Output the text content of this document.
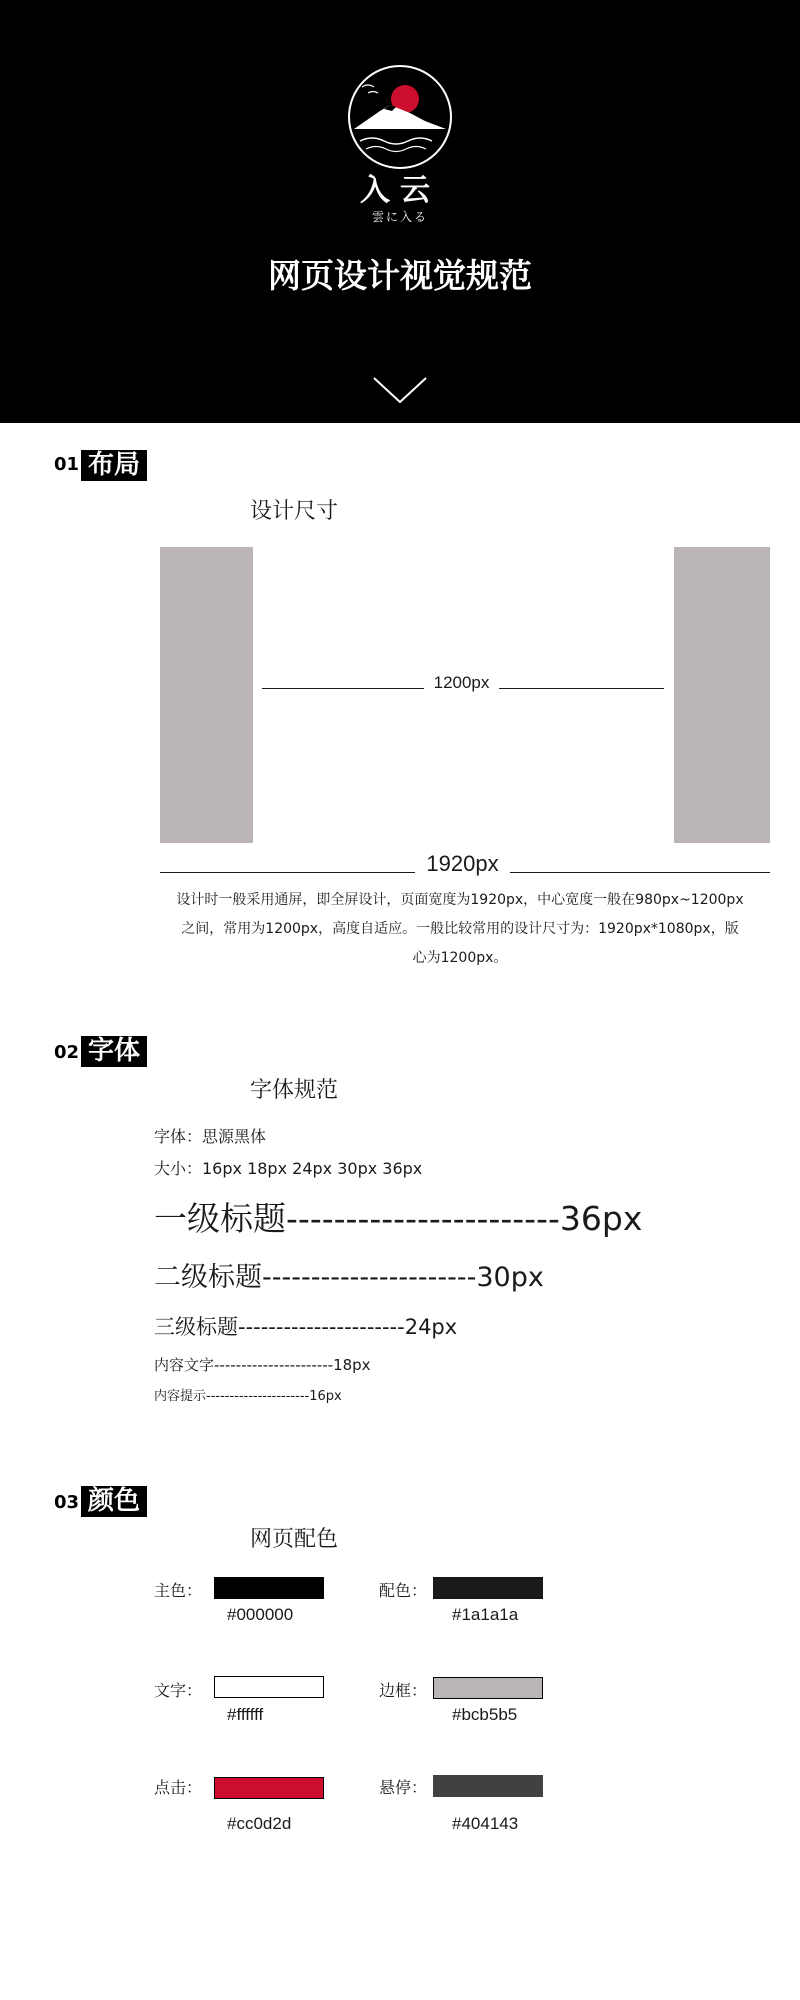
入云
雲に入る
网页设计视觉规范
01 布局
设计尺寸
1200px
1920px
设计时一般采用通屏，即全屏设计，页面宽度为1920px，中心宽度一般在980px~1200px
之间，常用为1200px，高度自适应。一般比较常用的设计尺寸为：1920px*1080px，版
心为1200px。
02 字体
字体规范
字体：思源黑体
大小：16px 18px 24px 30px 36px
一级标题-----------------------36px
二级标题----------------------30px
三级标题----------------------24px
内容文字----------------------18px
内容提示----------------------16px
03 颜色
网页配色
主色：
#000000
配色：
#1a1a1a
文字：
#ffffff
边框：
#bcb5b5
点击：
#cc0d2d
悬停：
#404143
